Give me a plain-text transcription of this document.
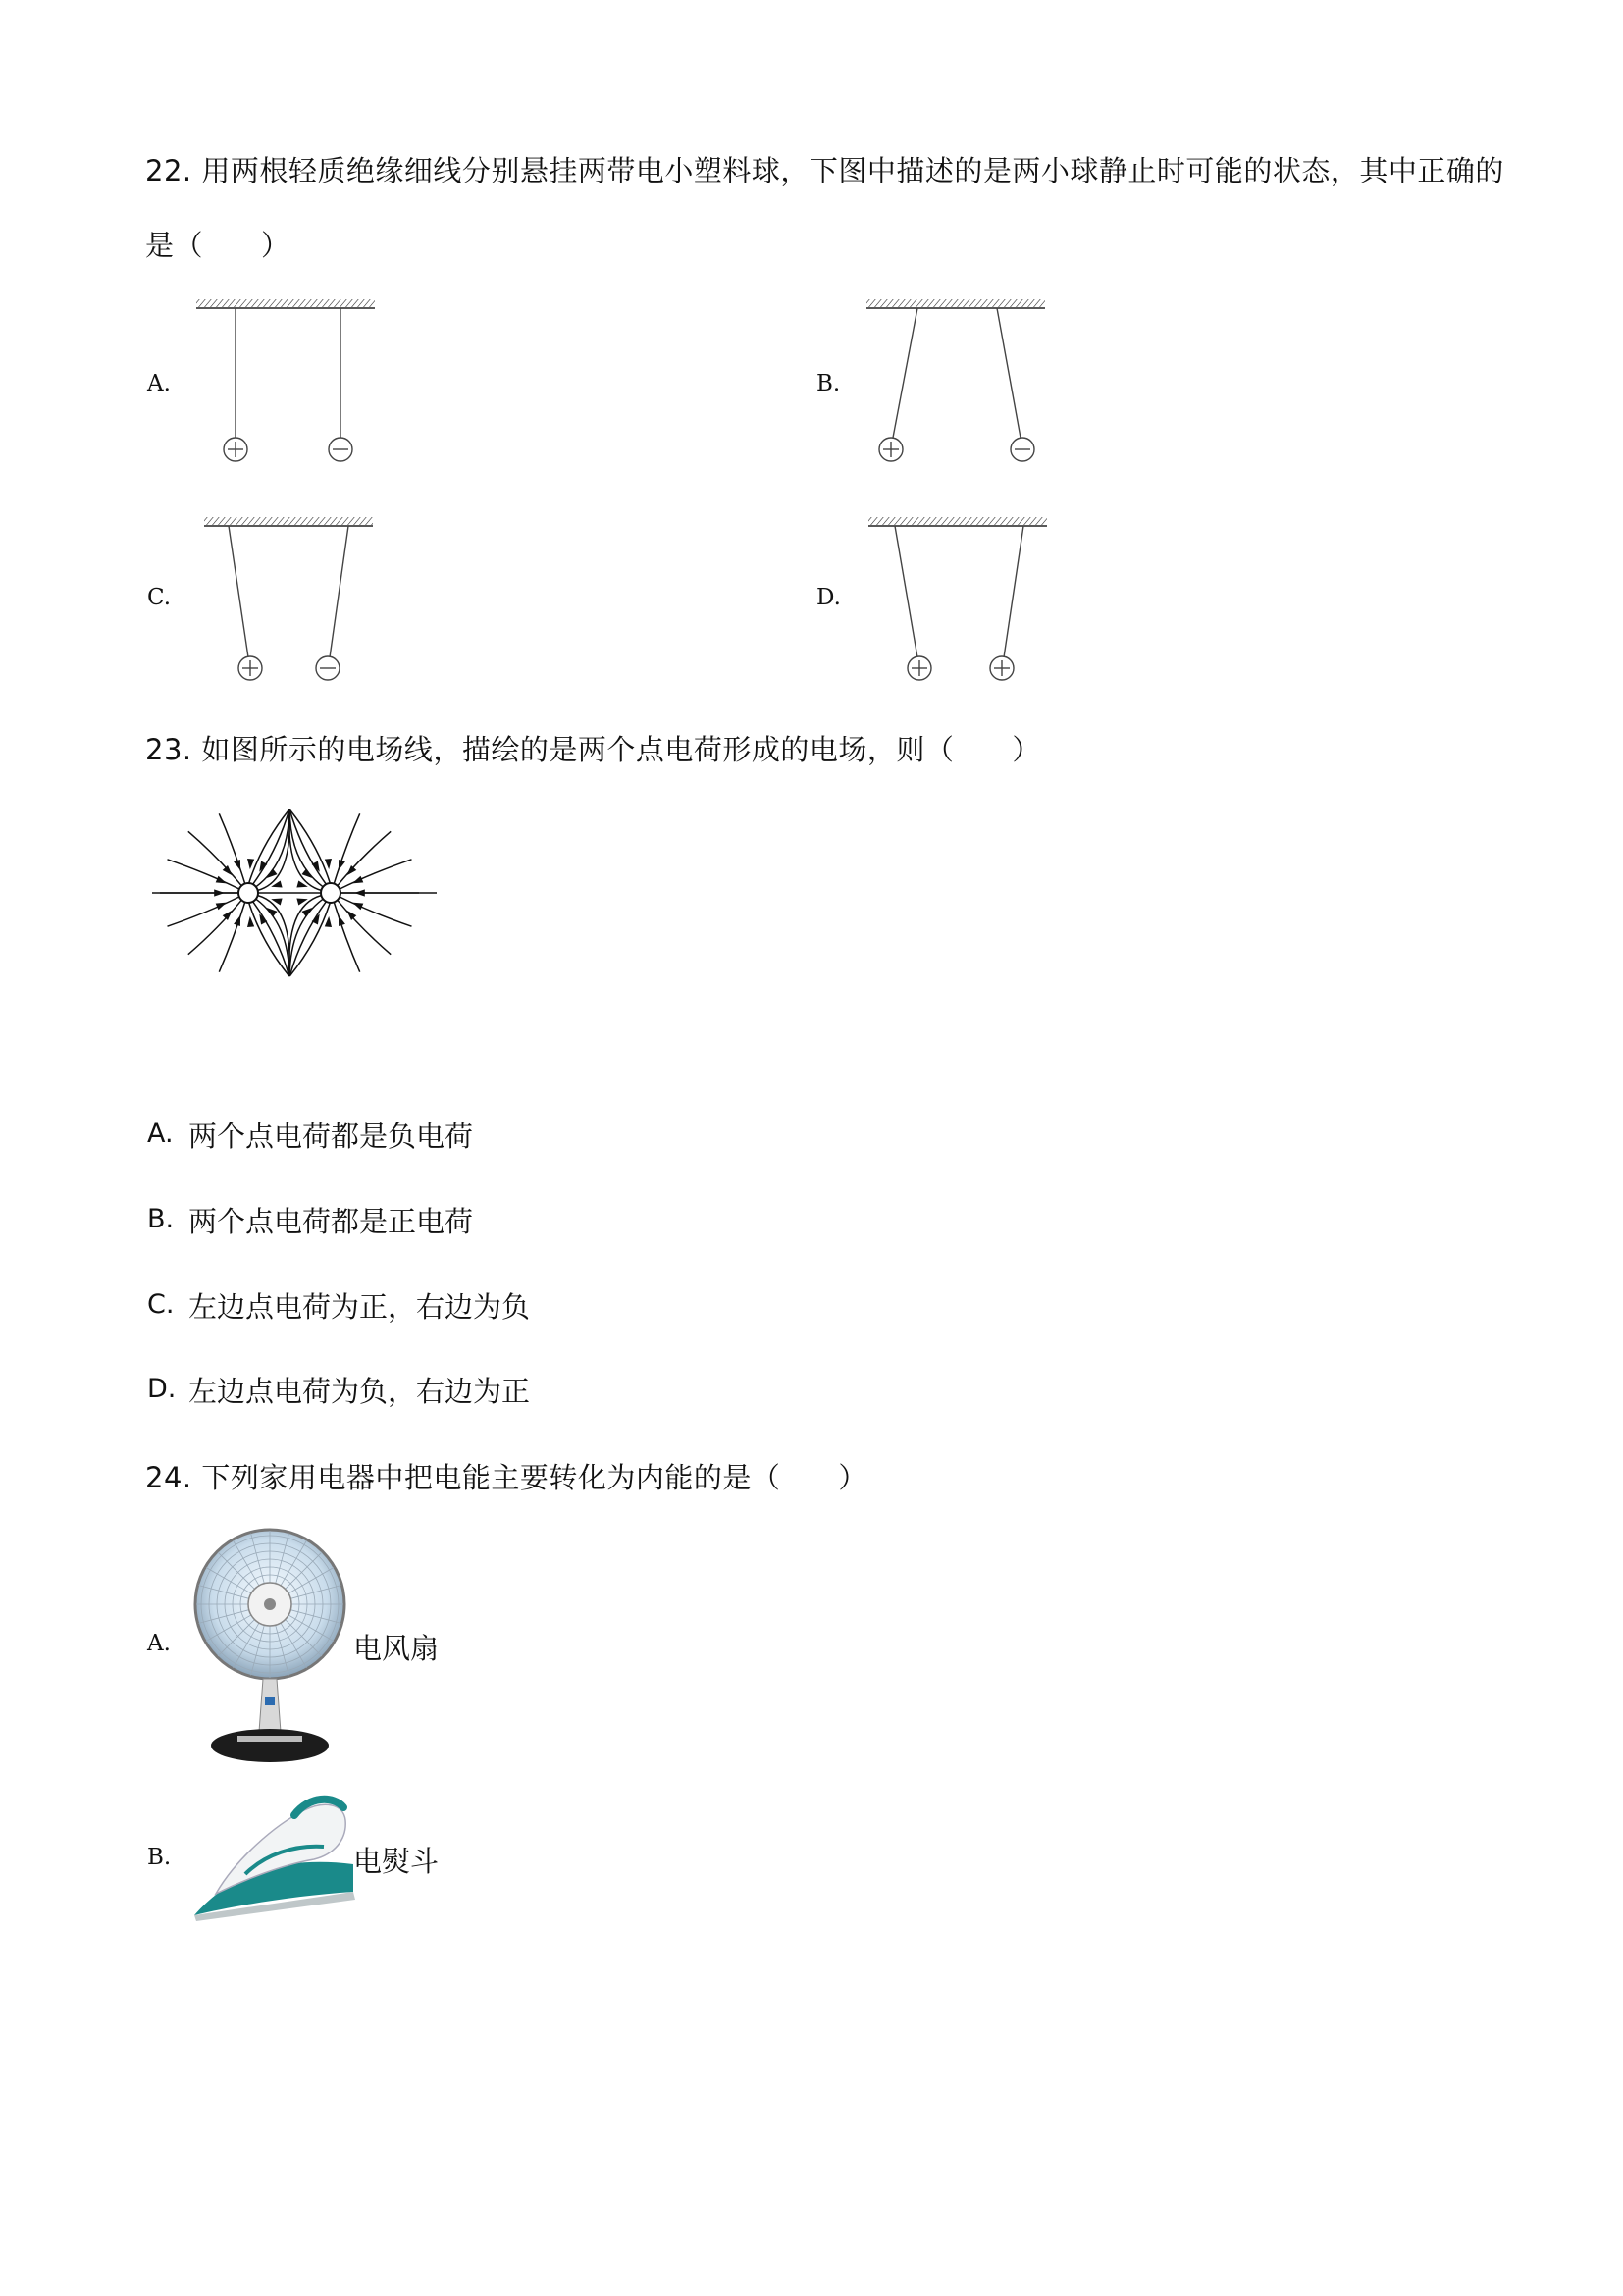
22. 用两根轻质绝缘细线分别悬挂两带电小塑料球，下图中描述的是两小球静止时可能的状态，其中正确的
是（　　）
A.	B.
C.	D.
23. 如图所示的电场线，描绘的是两个点电荷形成的电场，则（　　）
A. 两个点电荷都是负电荷
B. 两个点电荷都是正电荷
C. 左边点电荷为正，右边为负
D. 左边点电荷为负，右边为正
24. 下列家用电器中把电能主要转化为内能的是（　　）
A.	电风扇
B.	电熨斗
